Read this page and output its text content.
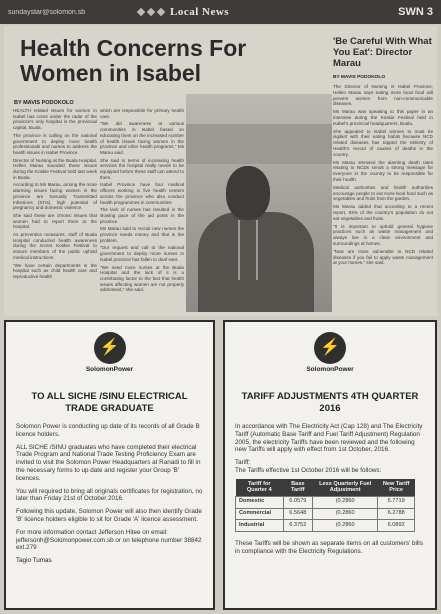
sundaystar@solomon.sb	Local News	SWN 3
Health Concerns For Women in Isabel
BY MAVIS PODOKOLO

HEALTH related issues for women in Isabel has come under the radar of the province's only hospital in the provincial capital, Buala.

The province is calling on the national government to deploy more health professionals and nurses to address the health issues in Isabel Province.

Director of Nursing at the Buala Hospital, Hellen Marau sounded these issues during the Koskie Festival held last week in Buala.

According to Ms Marau, among the more alarming issues facing women in the province are Sexually Transmitted Infections (STIs), high potential of pregnancy and domestic violence.

She said these are chronic issues that women had to report them to the hospital.

As prevention measures, staff of Buala Hospital conducted health awareness during the recent Koskie Festival to ensure members of the public uphold medical instructions.

"We have certain departments in the hospital such as child health care and reproductive health

which are responsible for primary health care.

"We did awareness at various communities in Isabel based on educating them on the increased number of health issues facing women in the province and other health programs," Ms Marau said.

She said in terms of increasing health services the hospital really needs to be equipped before these staff can attend to them.

Isabel Province have four medical officers working in five health centers across the province who also conduct health programmes in communities.

The lack of nurses has resulted in the slowing pace of the aid posts in the province.

Ms Marau said to recruit new nurses the province needs money and that is the problem.

"Our request and call to the national government to deploy more nurses in Isabel province has fallen to deaf ears.

"We need more nurses at the Buala Hospital and the lack of it is a contributing factor to the fact that health issues affecting women are not properly addressed," she said.

'Be Careful With What You Eat': Director Marau
BY MAVIS PODOKOLO

The Director of Nursing in Isabel Province, Hellen Marau says eating more local food will prevent women from non-communicable diseases.

Ms Marau was speaking to this paper in an interview during the Koskie Festival held in Isabel's provincial headquarters, Buala.

She appealed to Isabel women to must be vigilant with their eating habits because NCD related diseases has topped the Ministry of Health's record of causes of deaths in the country.

Ms Marau stressed the alarming death rates relating to NCDs sends a strong message for everyone in the country to be responsible for their health.

Medical authorities and health authorities encourage people to eat more local food such as vegetables and fruits from the garden.

Ms Marau added that according to a recent report, 93% of the country's population do not eat vegetables and fruits.

"It is important to uphold general hygiene practices such as waste management and always live in a clean environment and surroundings at homes.

"Now are more vulnerable to NCD related diseases if you fail to apply waste management at your homes," she said.

⚡
SolomonPower
TO ALL SICHE /SINU ELECTRICAL TRADE GRADUATE

Solomon Power is conducting up date of its records of all Grade B licence holders.

ALL SICHE /SINU graduates who have completed their electrical Trade Program and National Trade Testing Proficiency Exam are invited to visit the Solomon Power Headquarters at Ranadi to fill in the necessary forms to up date and register your Group 'B' licences.

You will required to bring all originals certificates for registration, no later than Friday 21st of October 2016.

Following this update, Solomon Power will also then identify Grade 'B' licence holders eligible to sit for Grade 'A' licence assessment.

For more information contact Jefferson Hitee on email: jeffersonh@Solomonpower.com.sb or on telephone number 38842 ext.279

Tagio Tumas
⚡
SolomonPower
TARIFF ADJUSTMENTS 4TH QUARTER 2016

In accordance with The Electricity Act (Cap 128) and The Electricity Tariff (Automatic Base Tariff and Fuel Tariff Adjustment) Regulation 2005, the electricity Tariffs have been reviewed and the following new Tariffs will apply with effect from 1st October, 2016.

Tariff:

The Tariffs effective 1st October 2016 will be follows:

Tariff for Quarter 4	Base Tariff	Less Quarterly Fuel Adjustment	New Tariff Price
Domestic	6.0579	(0.2860	5.7719
Commercial	6.5648	(0.2860	6.2788
Industrial	6.3752	(0.2860	6.0892

These Tariffs will be shown as separate items on all customers' bills in compliance with the Electricity Regulations.
